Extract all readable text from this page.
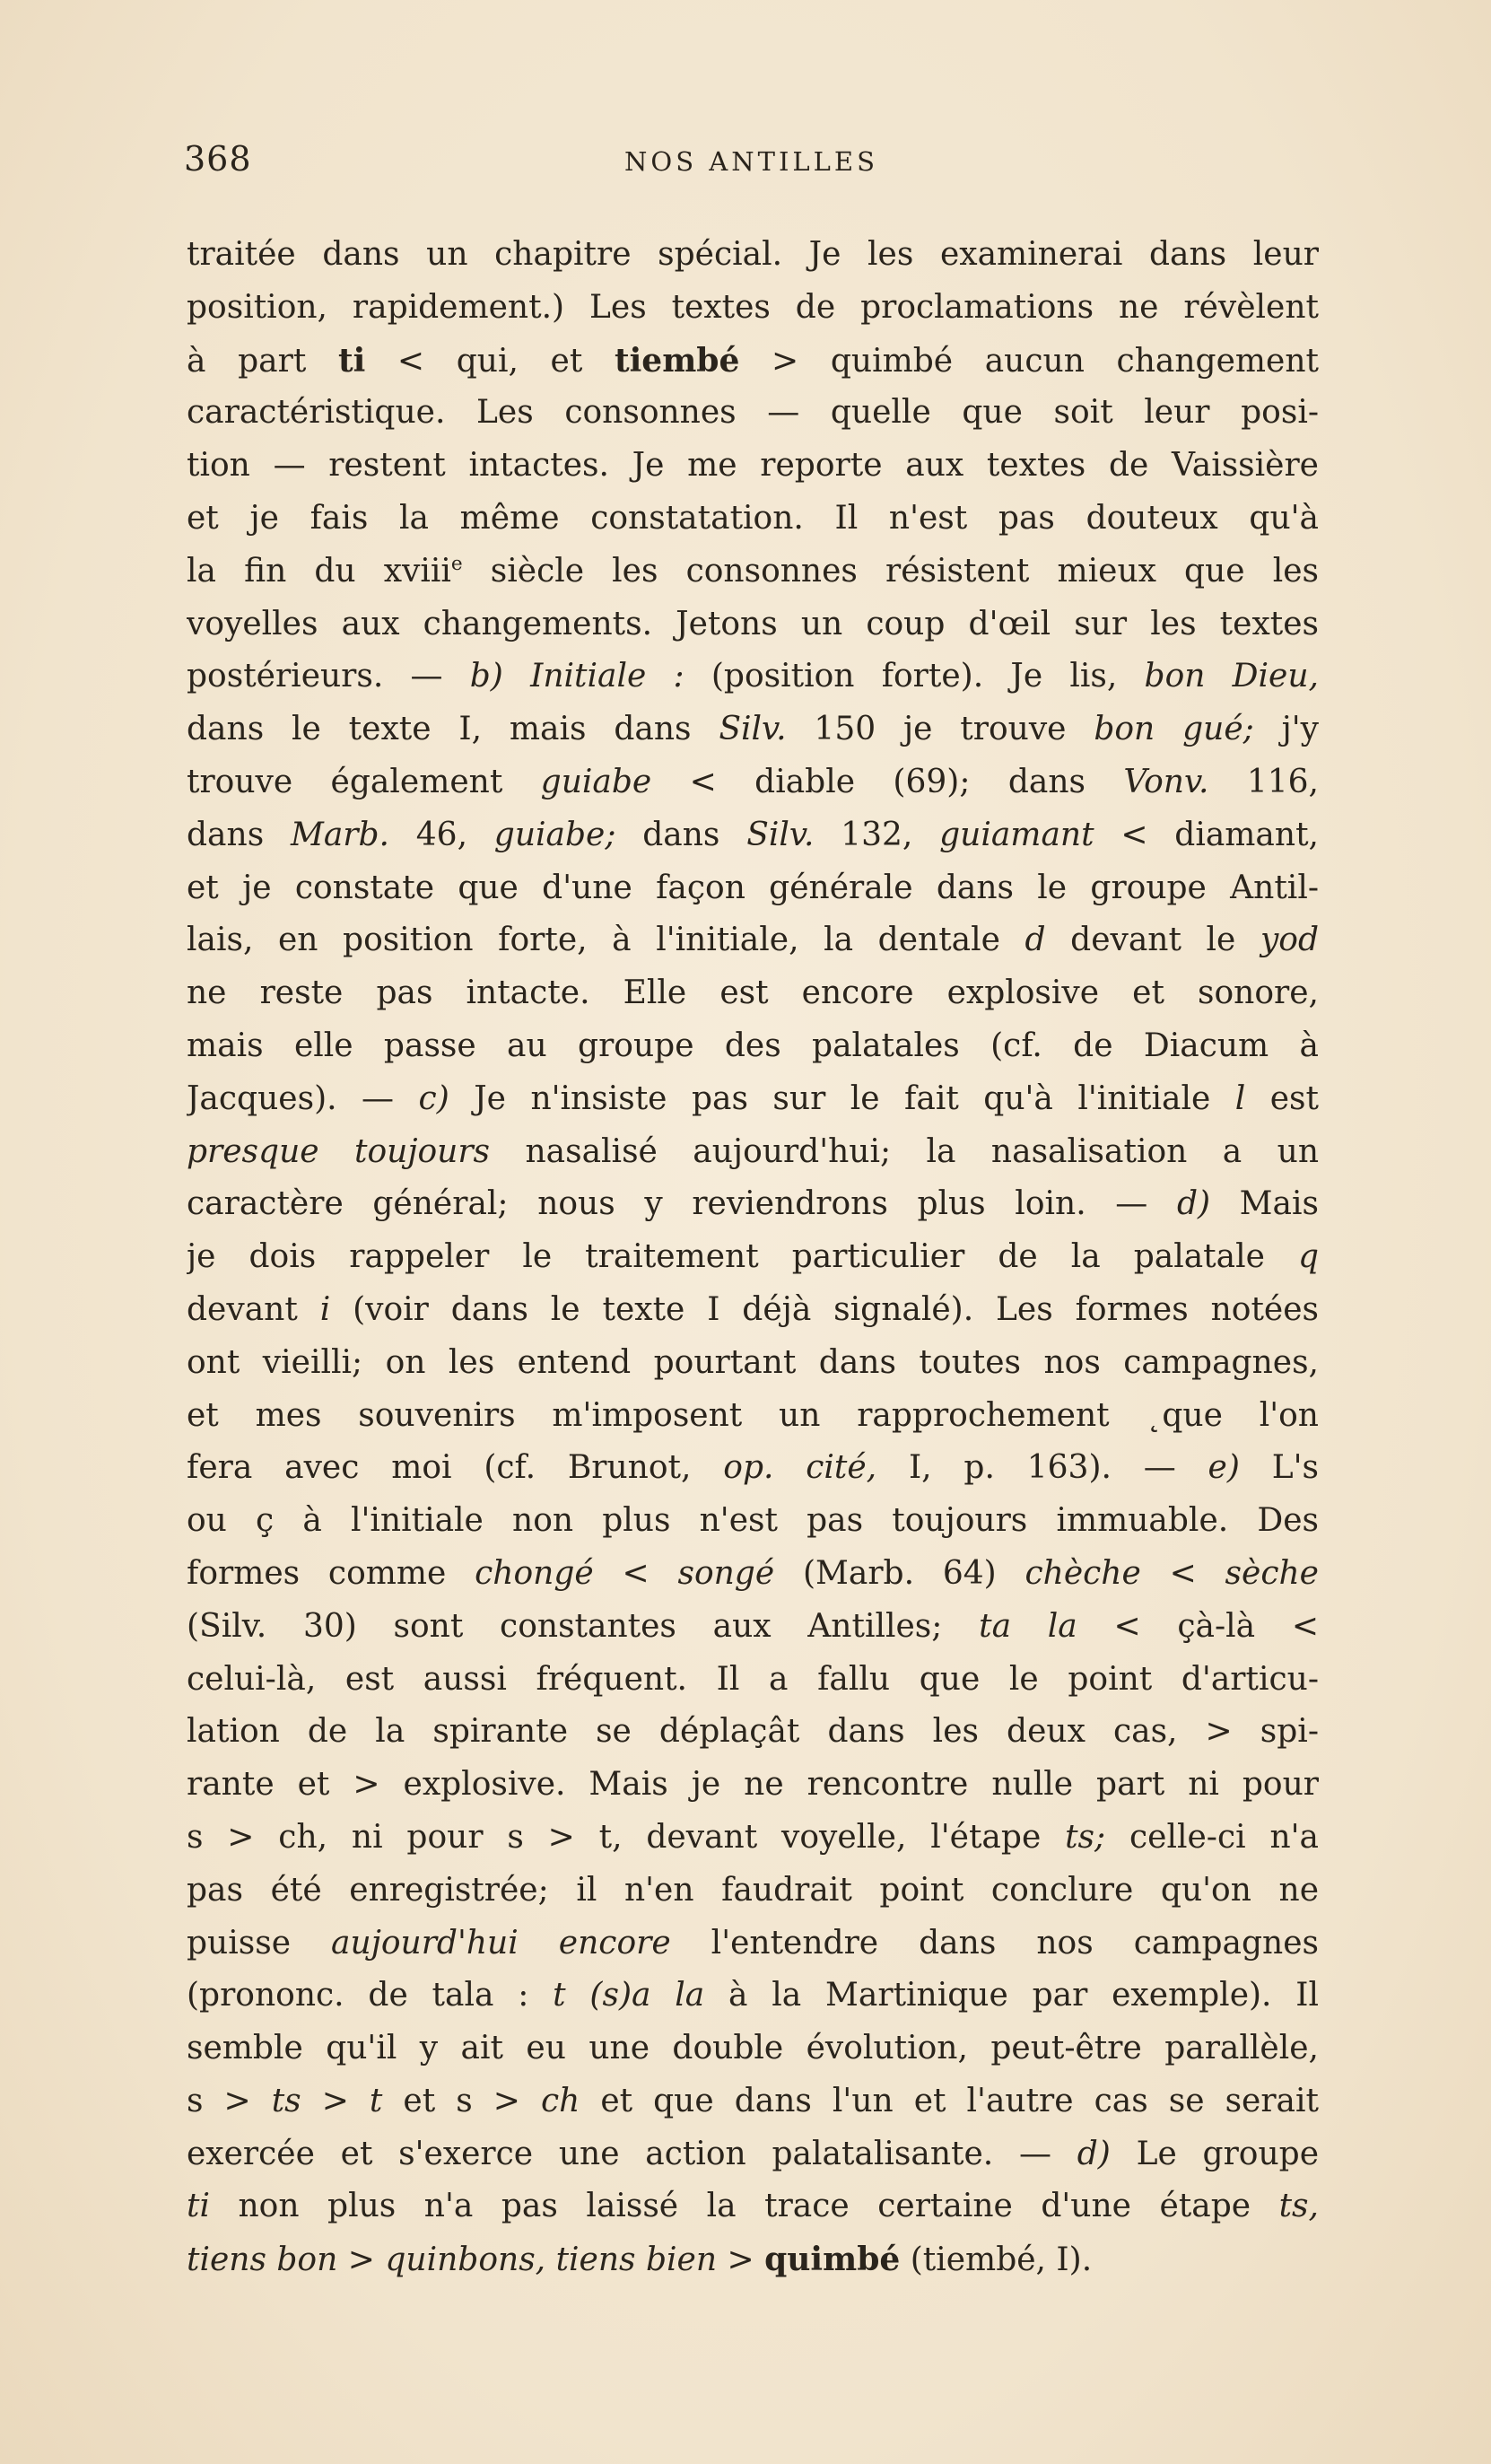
368	NOS ANTILLES
traitée dans un chapitre spécial. Je les examinerai dans leur
position, rapidement.) Les textes de proclamations ne révèlent
à part ti < qui, et tiembé > quimbé aucun changement
caractéristique. Les consonnes — quelle que soit leur posi-
tion — restent intactes. Je me reporte aux textes de Vaissière
et je fais la même constatation. Il n'est pas douteux qu'à
la fin du xviii$^e$ siècle les consonnes résistent mieux que les
voyelles aux changements. Jetons un coup d'œil sur les textes
postérieurs. — b) Initiale : (position forte). Je lis, bon Dieu,
dans le texte I, mais dans Silv. 150 je trouve bon gué; j'y
trouve également guiabe < diable (69); dans Vonv. 116,
dans Marb. 46, guiabe; dans Silv. 132, guiamant < diamant,
et je constate que d'une façon générale dans le groupe Antil-
lais, en position forte, à l'initiale, la dentale d devant le yod
ne reste pas intacte. Elle est encore explosive et sonore,
mais elle passe au groupe des palatales (cf. de Diacum à
Jacques). — c) Je n'insiste pas sur le fait qu'à l'initiale l est
presque toujours nasalisé aujourd'hui; la nasalisation a un
caractère général; nous y reviendrons plus loin. — d) Mais
je dois rappeler le traitement particulier de la palatale q
devant i (voir dans le texte I déjà signalé). Les formes notées
ont vieilli; on les entend pourtant dans toutes nos campagnes,
et mes souvenirs m'imposent un rapprochement ˛que l'on
fera avec moi (cf. Brunot, op. cité, I, p. 163). — e) L's
ou ç à l'initiale non plus n'est pas toujours immuable. Des
formes comme chongé < songé (Marb. 64) chèche < sèche
(Silv. 30) sont constantes aux Antilles; ta la < çà-là <
celui-là, est aussi fréquent. Il a fallu que le point d'articu-
lation de la spirante se déplaçât dans les deux cas, > spi-
rante et > explosive. Mais je ne rencontre nulle part ni pour
s > ch, ni pour s > t, devant voyelle, l'étape ts; celle-ci n'a
pas été enregistrée; il n'en faudrait point conclure qu'on ne
puisse aujourd'hui encore l'entendre dans nos campagnes
(prononc. de tala : t (s)a la à la Martinique par exemple). Il
semble qu'il y ait eu une double évolution, peut-être parallèle,
s > ts > t et s > ch et que dans l'un et l'autre cas se serait
exercée et s'exerce une action palatalisante. — d) Le groupe
ti non plus n'a pas laissé la trace certaine d'une étape ts,
tiens bon > quinbons, tiens bien > quimbé (tiembé, I).
